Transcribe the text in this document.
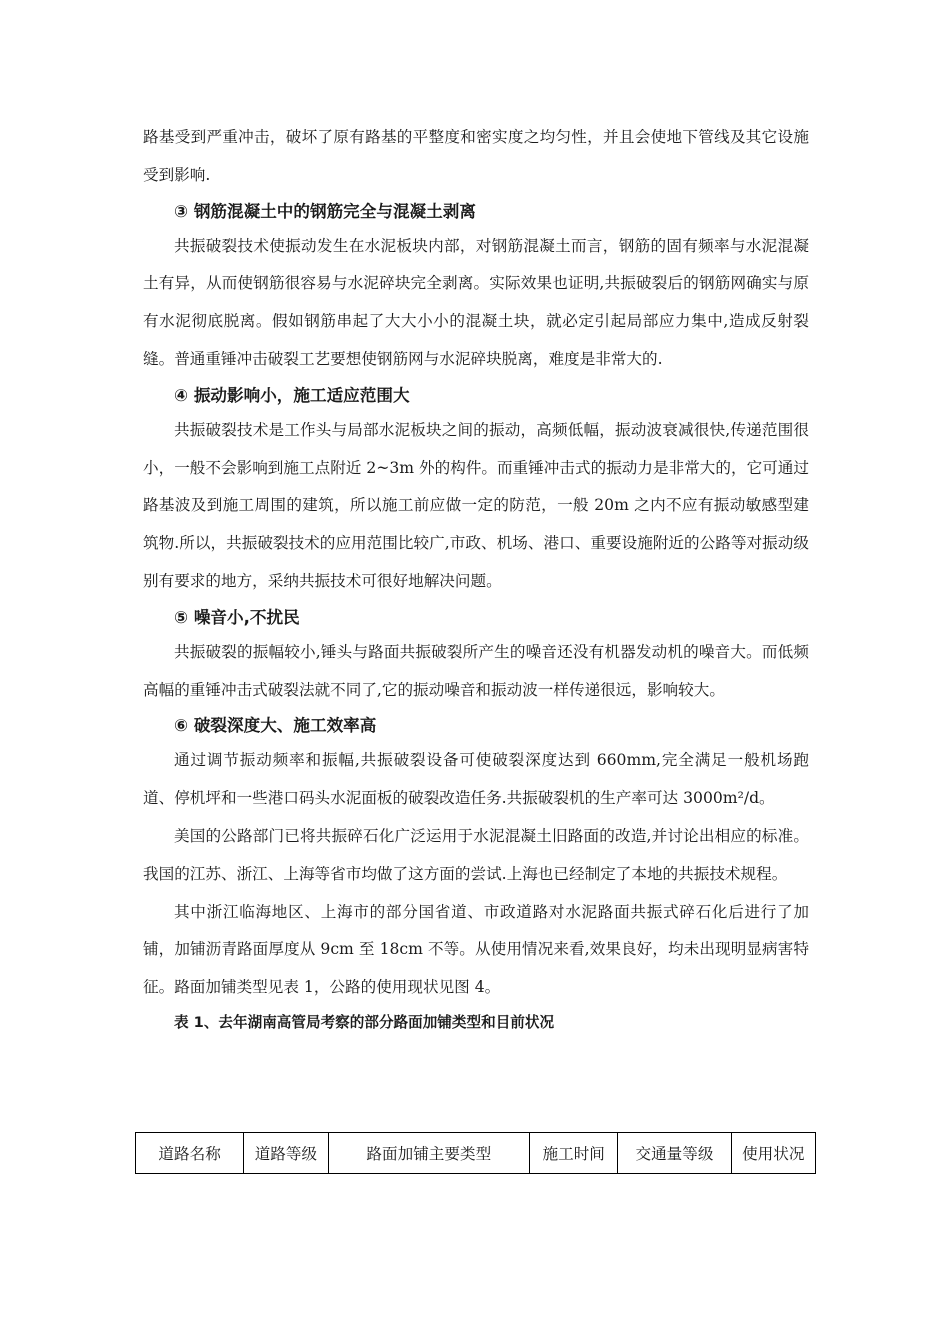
路基受到严重冲击，破坏了原有路基的平整度和密实度之均匀性，并且会使地下管线及其它设施受到影响.

③ 钢筋混凝土中的钢筋完全与混凝土剥离

共振破裂技术使振动发生在水泥板块内部，对钢筋混凝土而言，钢筋的固有频率与水泥混凝土有异，从而使钢筋很容易与水泥碎块完全剥离。实际效果也证明,共振破裂后的钢筋网确实与原有水泥彻底脱离。假如钢筋串起了大大小小的混凝土块，就必定引起局部应力集中,造成反射裂缝。普通重锤冲击破裂工艺要想使钢筋网与水泥碎块脱离，难度是非常大的.

④ 振动影响小，施工适应范围大

共振破裂技术是工作头与局部水泥板块之间的振动，高频低幅，振动波衰减很快,传递范围很小，一般不会影响到施工点附近 2~3m 外的构件。而重锤冲击式的振动力是非常大的，它可通过路基波及到施工周围的建筑，所以施工前应做一定的防范，一般 20m 之内不应有振动敏感型建筑物.所以，共振破裂技术的应用范围比较广,市政、机场、港口、重要设施附近的公路等对振动级别有要求的地方，采纳共振技术可很好地解决问题。

⑤ 噪音小,不扰民

共振破裂的振幅较小,锤头与路面共振破裂所产生的噪音还没有机器发动机的噪音大。而低频高幅的重锤冲击式破裂法就不同了,它的振动噪音和振动波一样传递很远，影响较大。

⑥ 破裂深度大、施工效率高

通过调节振动频率和振幅,共振破裂设备可使破裂深度达到 660mm,完全满足一般机场跑道、停机坪和一些港口码头水泥面板的破裂改造任务.共振破裂机的生产率可达 3000m²/d。

美国的公路部门已将共振碎石化广泛运用于水泥混凝土旧路面的改造,并讨论出相应的标准。我国的江苏、浙江、上海等省市均做了这方面的尝试.上海也已经制定了本地的共振技术规程。

其中浙江临海地区、上海市的部分国省道、市政道路对水泥路面共振式碎石化后进行了加铺，加铺沥青路面厚度从 9cm 至 18cm 不等。从使用情况来看,效果良好，均未出现明显病害特征。路面加铺类型见表 1，公路的使用现状见图 4。

表 1、去年湖南高管局考察的部分路面加铺类型和目前状况
道路名称	道路等级	路面加铺主要类型	施工时间	交通量等级	使用状况
